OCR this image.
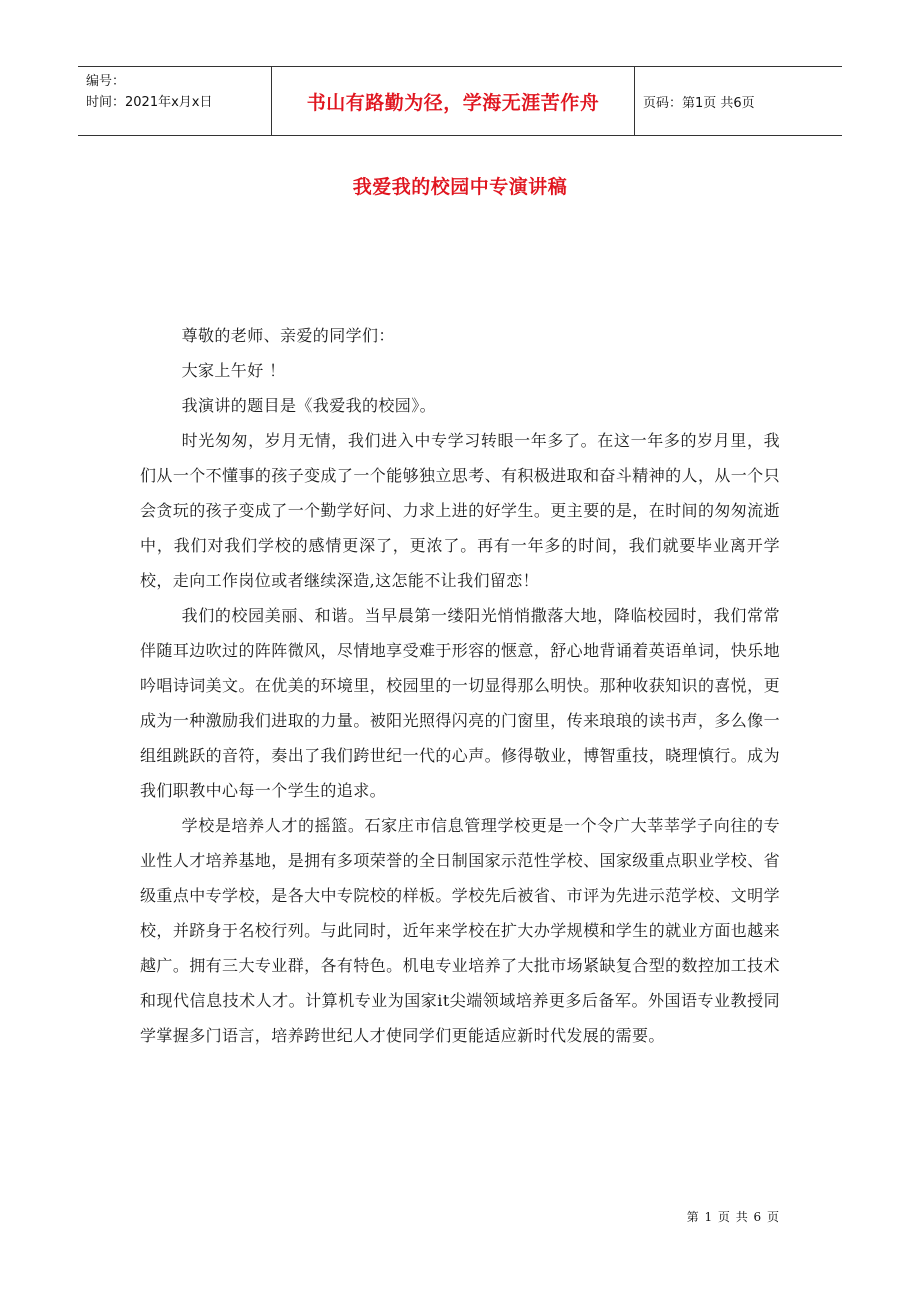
编号：
时间：2021年x月x日	书山有路勤为径，学海无涯苦作舟	页码：第1页 共6页
我爱我的校园中专演讲稿

尊敬的老师、亲爱的同学们：

大家上午好 ！

我演讲的题目是《我爱我的校园》。

时光匆匆，岁月无情，我们进入中专学习转眼一年多了。在这一年多的岁月里，我们从一个不懂事的孩子变成了一个能够独立思考、有积极进取和奋斗精神的人，从一个只会贪玩的孩子变成了一个勤学好问、力求上进的好学生。更主要的是，在时间的匆匆流逝中，我们对我们学校的感情更深了，更浓了。再有一年多的时间，我们就要毕业离开学校，走向工作岗位或者继续深造,这怎能不让我们留恋！

我们的校园美丽、和谐。当早晨第一缕阳光悄悄撒落大地，降临校园时，我们常常伴随耳边吹过的阵阵微风，尽情地享受难于形容的惬意，舒心地背诵着英语单词，快乐地吟唱诗词美文。在优美的环境里，校园里的一切显得那么明快。那种收获知识的喜悦，更成为一种激励我们进取的力量。被阳光照得闪亮的门窗里，传来琅琅的读书声，多么像一组组跳跃的音符，奏出了我们跨世纪一代的心声。修得敬业，博智重技，晓理慎行。成为我们职教中心每一个学生的追求。

学校是培养人才的摇篮。石家庄市信息管理学校更是一个令广大莘莘学子向往的专业性人才培养基地，是拥有多项荣誉的全日制国家示范性学校、国家级重点职业学校、省级重点中专学校，是各大中专院校的样板。学校先后被省、市评为先进示范学校、文明学校，并跻身于名校行列。与此同时，近年来学校在扩大办学规模和学生的就业方面也越来越广。拥有三大专业群，各有特色。机电专业培养了大批市场紧缺复合型的数控加工技术和现代信息技术人才。计算机专业为国家it尖端领域培养更多后备军。外国语专业教授同学掌握多门语言，培养跨世纪人才使同学们更能适应新时代发展的需要。

第 1 页 共 6 页
